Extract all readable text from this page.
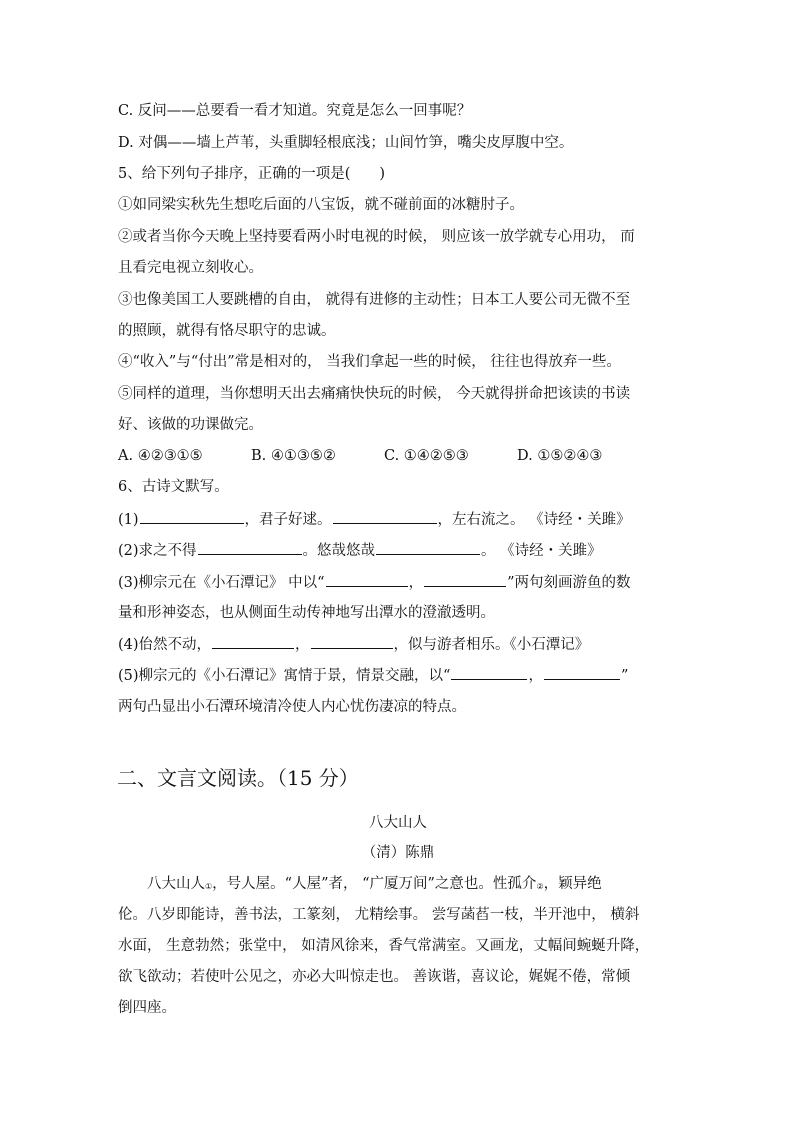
C. 反问——总要看一看才知道。究竟是怎么一回事呢？
D. 对偶——墙上芦苇，头重脚轻根底浅；山间竹笋，嘴尖皮厚腹中空。
5、给下列句子排序，正确的一项是(　　)
①如同梁实秋先生想吃后面的八宝饭，就不碰前面的冰糖肘子。
②或者当你今天晚上坚持要看两小时电视的时候， 则应该一放学就专心用功， 而
且看完电视立刻收心。
③也像美国工人要跳槽的自由， 就得有进修的主动性；日本工人要公司无微不至
的照顾，就得有恪尽职守的忠诚。
④“收入”与“付出”常是相对的， 当我们拿起一些的时候， 往往也得放弃一些。
⑤同样的道理，当你想明天出去痛痛快快玩的时候， 今天就得拼命把该读的书读
好、该做的功课做完。
A. ④②③①⑤	B. ④①③⑤②	C. ①④②⑤③	D. ①⑤②④③
6、古诗文默写。
(1)	，君子好逑。	，左右流之。 《诗经・关雎》
(2)求之不得	。悠哉悠哉	。 《诗经・关雎》
(3)柳宗元在《小石潭记》 中以“	，	”两句刻画游鱼的数
量和形神姿态，也从侧面生动传神地写出潭水的澄澈透明。
(4)佁然不动，	，	，似与游者相乐。《小石潭记》
(5)柳宗元的《小石潭记》寓情于景，情景交融，以“	，	”
两句凸显出小石潭环境清冷使人内心忧伤凄凉的特点。
二、文言文阅读。（15 分）
八大山人
（清）陈鼎
八大山人$_①$，号人屋。“人屋”者， “广厦万间”之意也。性孤介$_②$，颖异绝
伦。八岁即能诗，善书法，工篆刻， 尤精绘事。 尝写菡萏一枝，半开池中， 横斜
水面， 生意勃然；张堂中， 如清风徐来，香气常满室。又画龙，丈幅间蜿蜒升降，
欲飞欲动；若使叶公见之，亦必大叫惊走也。 善诙谐，喜议论，娓娓不倦，常倾
倒四座。
